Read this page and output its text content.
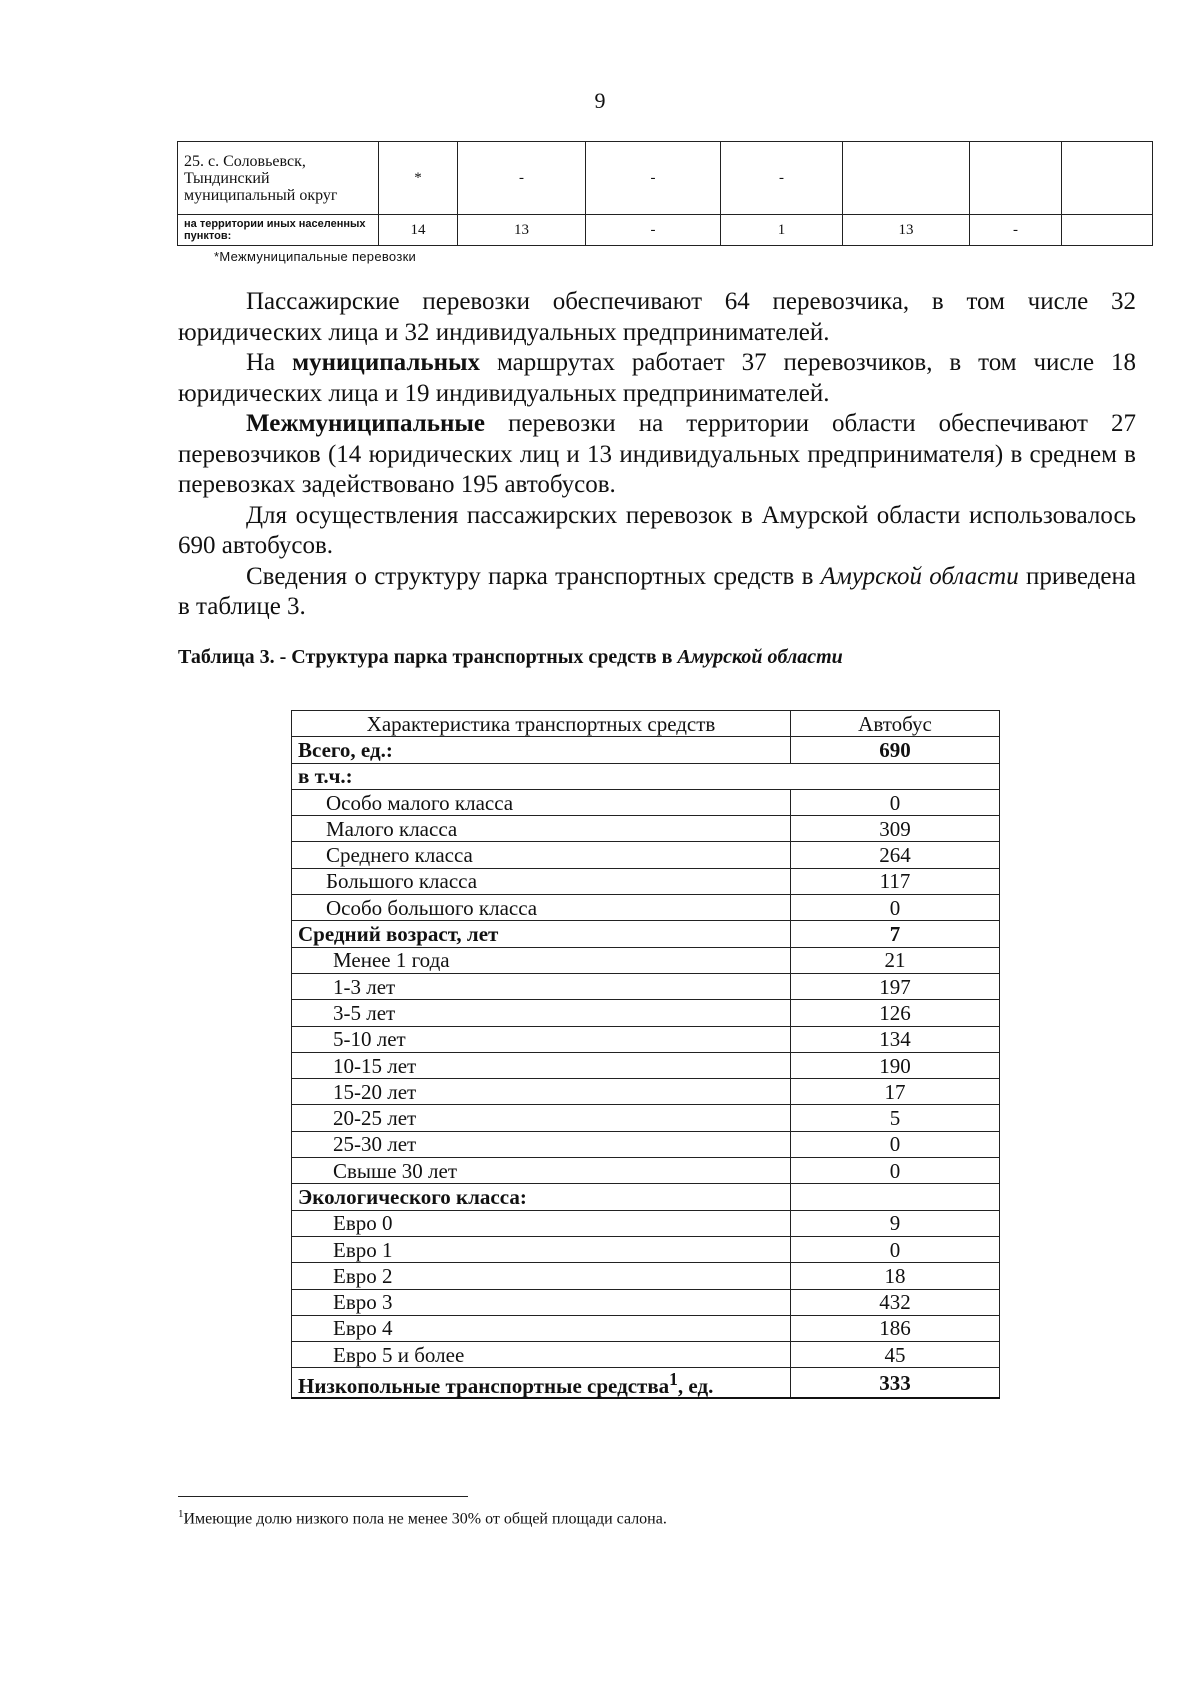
9
25. с. Соловьевск, Тындинский муниципальный округ	*	-	-	-			
на территории иных населенных пунктов:	14	13	-	1	13	-	
*Межмуниципальные перевозки

Пассажирские перевозки обеспечивают 64 перевозчика, в том числе 32 юридических лица и 32 индивидуальных предпринимателей.

На муниципальных маршрутах работает 37 перевозчиков, в том числе 18 юридических лица и 19 индивидуальных предпринимателей.

Межмуниципальные перевозки на территории области обеспечивают 27 перевозчиков (14 юридических лиц и 13 индивидуальных предпринимателя) в среднем в перевозках задействовано 195 автобусов.

Для осуществления пассажирских перевозок в Амурской области использовалось 690 автобусов.

Сведения о структуру парка транспортных средств в Амурской области приведена в таблице 3.

Таблица 3. - Структура парка транспортных средств в Амурской области
Характеристика транспортных средств	Автобус
Всего, ед.:	690
в т.ч.:	
Особо малого класса	0
Малого класса	309
Среднего класса	264
Большого класса	117
Особо большого класса	0
Средний возраст, лет	7
Менее 1 года	21
1-3 лет	197
3-5 лет	126
5-10 лет	134
10-15 лет	190
15-20 лет	17
20-25 лет	5
25-30 лет	0
Свыше 30 лет	0
Экологического класса:	
Евро 0	9
Евро 1	0
Евро 2	18
Евро 3	432
Евро 4	186
Евро 5 и более	45
Низкопольные транспортные средства$^1$, ед.	333
$^1$Имеющие долю низкого пола не менее 30% от общей площади салона.
